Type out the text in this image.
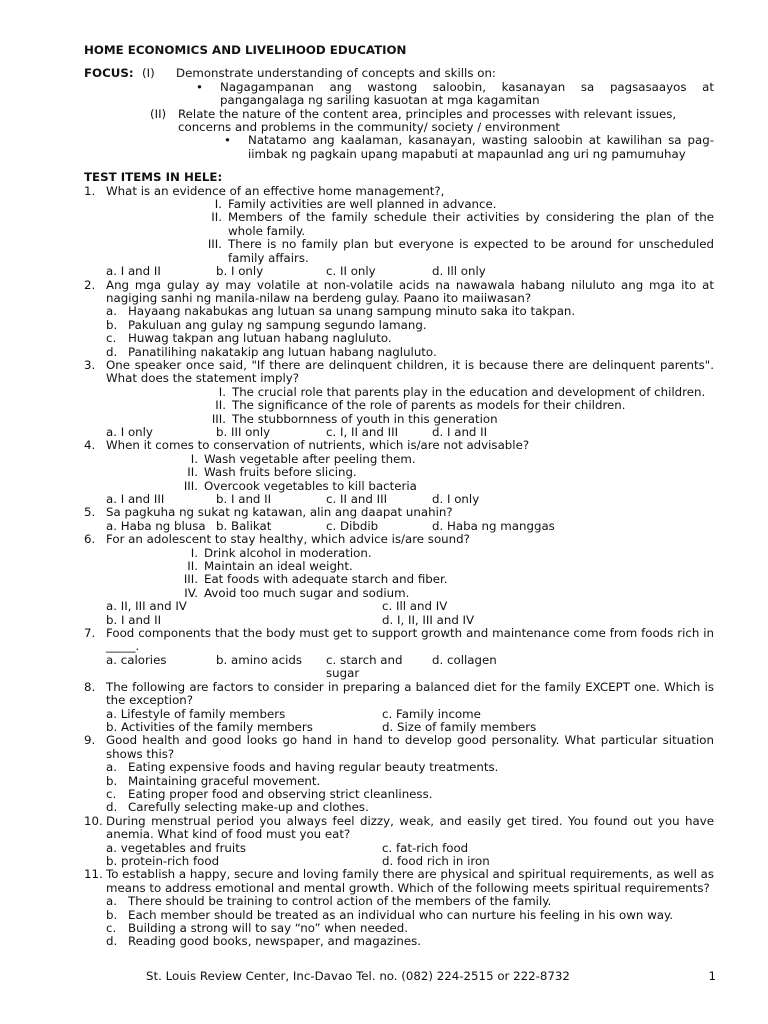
HOME ECONOMICS AND LIVELIHOOD EDUCATION
FOCUS: (I)	Demonstrate understanding of concepts and skills on:
•	Nagagampanan ang wastong saloobin, kasanayan sa pagsasaayos at pangangalaga ng sariling kasuotan at mga kagamitan
(II)	Relate the nature of the content area, principles and processes with relevant issues, concerns and problems in the community/ society / environment
•	Natatamo ang kaalaman, kasanayan, wasting saloobin at kawilihan sa pag-iimbak ng pagkain upang mapabuti at mapaunlad ang uri ng pamumuhay
TEST ITEMS IN HELE:
1. What is an evidence of an effective home management?,
I. Family activities are well planned in advance.
II. Members of the family schedule their activities by considering the plan of the whole family.
III. There is no family plan but everyone is expected to be around for unscheduled family affairs.
a. I and II	b. I only	c. II only	d. Ill only
2. Ang mga gulay ay may volatile at non-volatile acids na nawawala habang niluluto ang mga ito at nagiging sanhi ng manila-nilaw na berdeng gulay. Paano ito maiiwasan?
a. Hayaang nakabukas ang lutuan sa unang sampung minuto saka ito takpan.
b. Pakuluan ang gulay ng sampung segundo lamang.
c. Huwag takpan ang lutuan habang nagluluto.
d. Panatilihing nakatakip ang lutuan habang nagluluto.
3. One speaker once said, "If there are delinquent children, it is because there are delinquent parents". What does the statement imply?
I. The crucial role that parents play in the education and development of children.
II. The significance of the role of parents as models for their children.
III. The stubbornness of youth in this generation
a. I only	b. III only	c. I, II and III	d. I and II
4. When it comes to conservation of nutrients, which is/are not advisable?
I. Wash vegetable after peeling them.
II. Wash fruits before slicing.
III. Overcook vegetables to kill bacteria
a. I and III	b. I and II	c. II and III	d. I only
5. Sa pagkuha ng sukat ng katawan, alin ang daapat unahin?
a. Haba ng blusa b. Balikat	c. Dibdib	d. Haba ng manggas
6. For an adolescent to stay healthy, which advice is/are sound?
I. Drink alcohol in moderation.
II. Maintain an ideal weight.
III. Eat foods with adequate starch and fiber.
IV. Avoid too much sugar and sodium.
a. II, III and IV	c. Ill and IV
b. I and II	d. I, II, III and IV
7. Food components that the body must get to support growth and maintenance come from foods rich in _____.
a. calories	b. amino acids	c. starch and sugar
d. collagen
8. The following are factors to consider in preparing a balanced diet for the family EXCEPT one. Which is the exception?
a. Lifestyle of family members	c. Family income
b. Activities of the family members	d. Size of family members
9. Good health and good looks go hand in hand to develop good personality. What particular situation shows this?
a. Eating expensive foods and having regular beauty treatments.
b. Maintaining graceful movement.
c. Eating proper food and observing strict cleanliness.
d. Carefully selecting make-up and clothes.
10. During menstrual period you always feel dizzy, weak, and easily get tired. You found out you have anemia. What kind of food must you eat?
a. vegetables and fruits	c. fat-rich food
b. protein-rich food	d. food rich in iron
11. To establish a happy, secure and loving family there are physical and spiritual requirements, as well as means to address emotional and mental growth. Which of the following meets spiritual requirements?
a. There should be training to control action of the members of the family.
b. Each member should be treated as an individual who can nurture his feeling in his own way.
c. Building a strong will to say “no” when needed.
d. Reading good books, newspaper, and magazines.
St. Louis Review Center, Inc-Davao Tel. no. (082) 224-2515 or 222-8732	1
